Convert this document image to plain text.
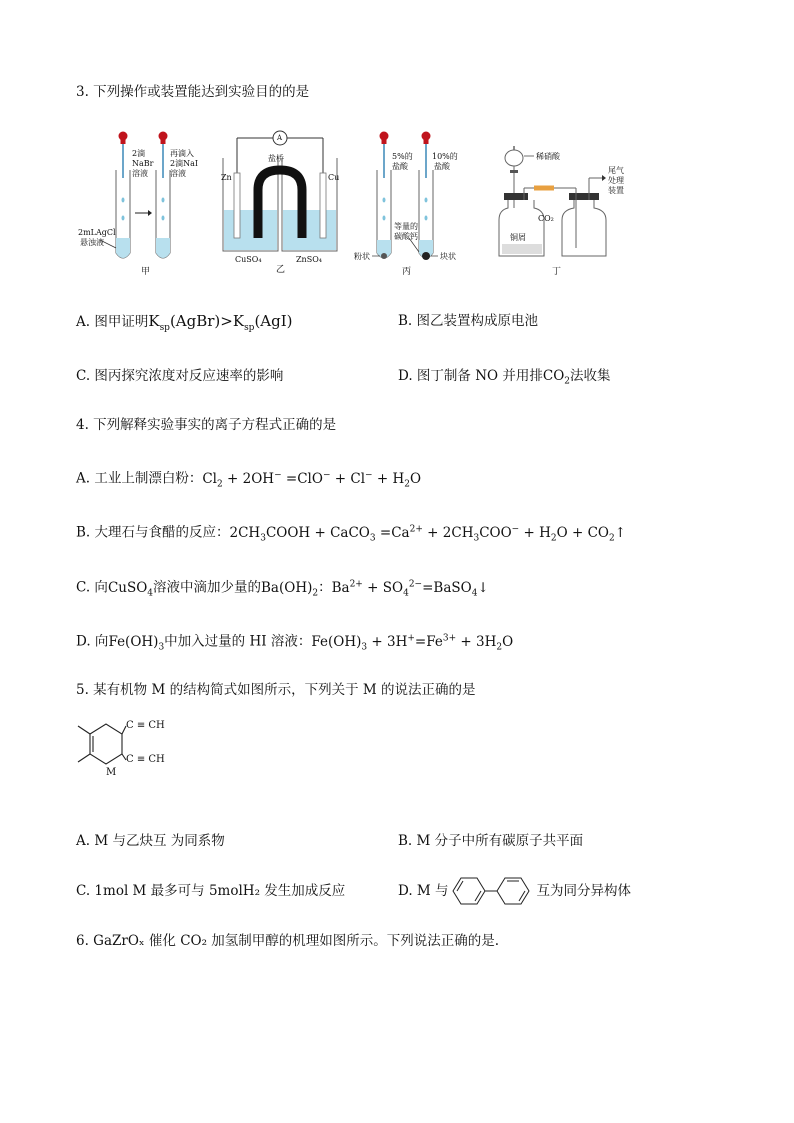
3. 下列操作或装置能达到实验目的的是
2滴
NaBr
溶液
再滴入
2滴NaI
溶液
2mLAgCl
悬浊液
甲
A
盐桥
Zn	Cu
CuSO₄
乙
ZnSO₄
5%的
盐酸
10%的
盐酸
等量的
碳酸钙
粉状	块状
丙
稀硝酸
尾气
处理
装置
CO₂
铜屑
丁
A. 图甲证明$K_{sp}(AgBr)>K_{sp}(AgI)$	B. 图乙装置构成原电池
C. 图丙探究浓度对反应速率的影响	D. 图丁制备 NO 并用排$CO_2$法收集
4. 下列解释实验事实的离子方程式正确的是
A. 工业上制漂白粉：$Cl_2 + 2OH^- =ClO^- + Cl^- + H_2O$
B. 大理石与食醋的反应：$2CH_3COOH$ + CaCO$_3$ $=Ca^{2+} + 2CH_3COO^- + H_2O$ + $CO_2↑$
C. 向CuSO$_4$溶液中滴加少量的$Ba(OH)_2$：$Ba^{2+}$ + $SO_4^{2-}=BaSO_4↓$
D. 向$Fe(OH)_3$中加入过量的 HI 溶液：$Fe(OH)_3 + 3H^+=Fe^{3+} + 3H_2O$
5. 某有机物 M 的结构简式如图所示，下列关于 M 的说法正确的是
C ≡ CH
C ≡ CH
M
A. M 与乙炔互 为同系物	B. M 分子中所有碳原子共平面
C. 1mol M 最多可与 5molH₂ 发生加成反应	D. M 与	互为同分异构体
6. GaZrOₓ 催化 CO₂ 加氢制甲醇的机理如图所示。下列说法正确的是.
